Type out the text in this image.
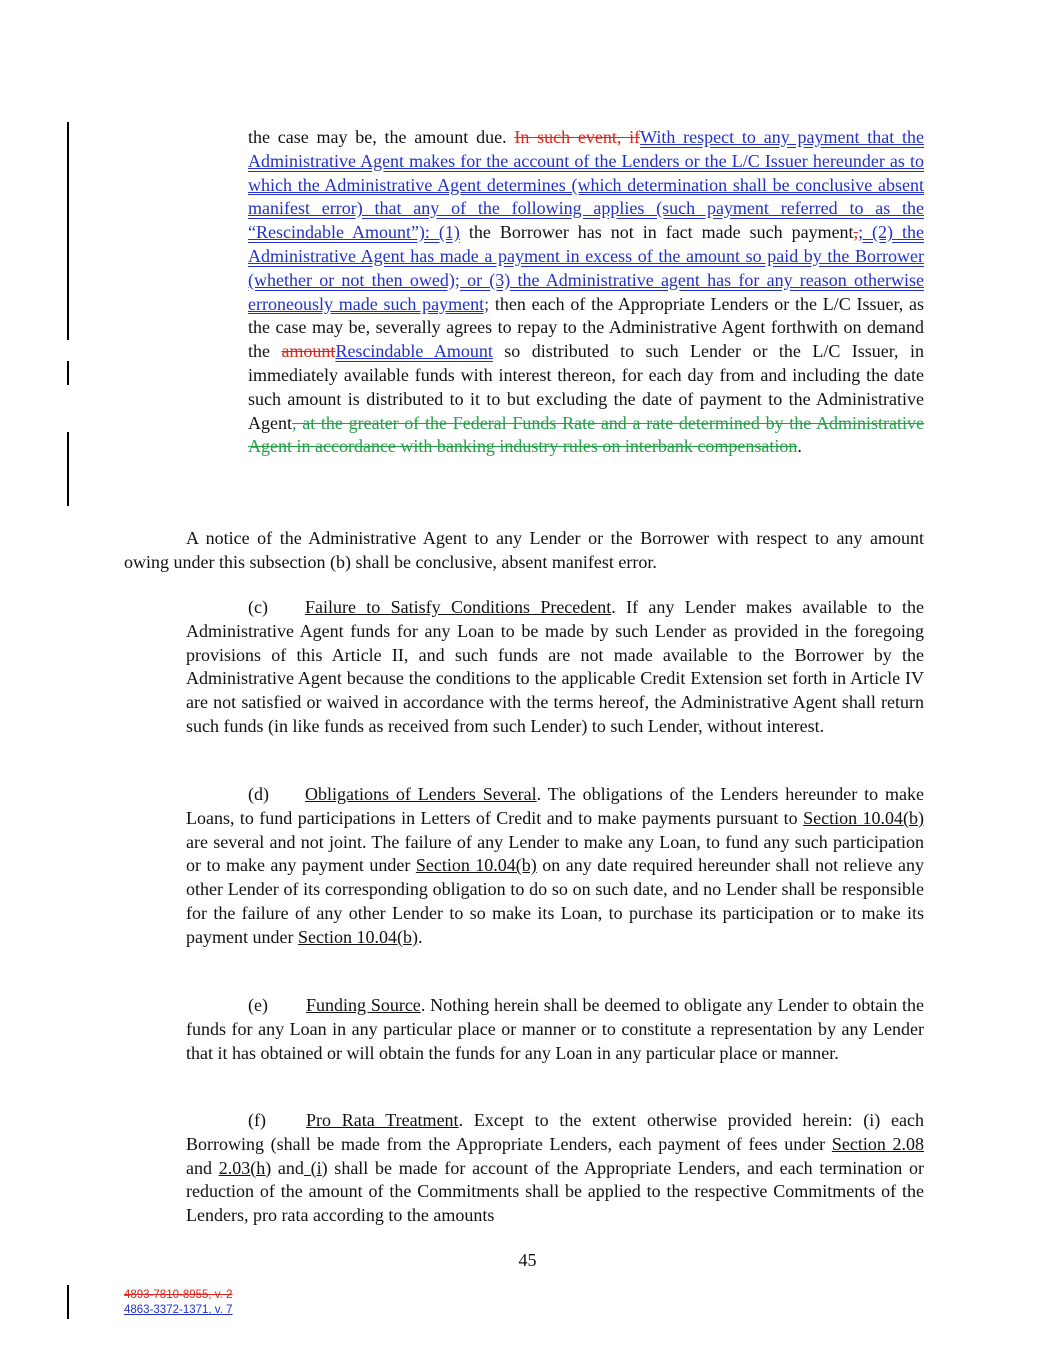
the case may be, the amount due. In such event, ifWith respect to any payment that the Administrative Agent makes for the account of the Lenders or the L/C Issuer hereunder as to which the Administrative Agent determines (which determination shall be conclusive absent manifest error) that any of the following applies (such payment referred to as the “Rescindable Amount”): (1) the Borrower has not in fact made such payment,; (2) the Administrative Agent has made a payment in excess of the amount so paid by the Borrower (whether or not then owed); or (3) the Administrative agent has for any reason otherwise erroneously made such payment; then each of the Appropriate Lenders or the L/C Issuer, as the case may be, severally agrees to repay to the Administrative Agent forthwith on demand the amountRescindable Amount so distributed to such Lender or the L/C Issuer, in immediately available funds with interest thereon, for each day from and including the date such amount is distributed to it to but excluding the date of payment to the Administrative Agent, at the greater of the Federal Funds Rate and a rate determined by the Administrative Agent in accordance with banking industry rules on interbank compensation.
A notice of the Administrative Agent to any Lender or the Borrower with respect to any amount owing under this subsection (b) shall be conclusive, absent manifest error.
(c) Failure to Satisfy Conditions Precedent. If any Lender makes available to the Administrative Agent funds for any Loan to be made by such Lender as provided in the foregoing provisions of this Article II, and such funds are not made available to the Borrower by the Administrative Agent because the conditions to the applicable Credit Extension set forth in Article IV are not satisfied or waived in accordance with the terms hereof, the Administrative Agent shall return such funds (in like funds as received from such Lender) to such Lender, without interest.
(d) Obligations of Lenders Several. The obligations of the Lenders hereunder to make Loans, to fund participations in Letters of Credit and to make payments pursuant to Section 10.04(b) are several and not joint. The failure of any Lender to make any Loan, to fund any such participation or to make any payment under Section 10.04(b) on any date required hereunder shall not relieve any other Lender of its corresponding obligation to do so on such date, and no Lender shall be responsible for the failure of any other Lender to so make its Loan, to purchase its participation or to make its payment under Section 10.04(b).
(e) Funding Source. Nothing herein shall be deemed to obligate any Lender to obtain the funds for any Loan in any particular place or manner or to constitute a representation by any Lender that it has obtained or will obtain the funds for any Loan in any particular place or manner.
(f) Pro Rata Treatment. Except to the extent otherwise provided herein: (i) each Borrowing (shall be made from the Appropriate Lenders, each payment of fees under Section 2.08 and 2.03(h) and (i) shall be made for account of the Appropriate Lenders, and each termination or reduction of the amount of the Commitments shall be applied to the respective Commitments of the Lenders, pro rata according to the amounts
45
4893-7810-8955, v. 2
4863-3372-1371, v. 7
